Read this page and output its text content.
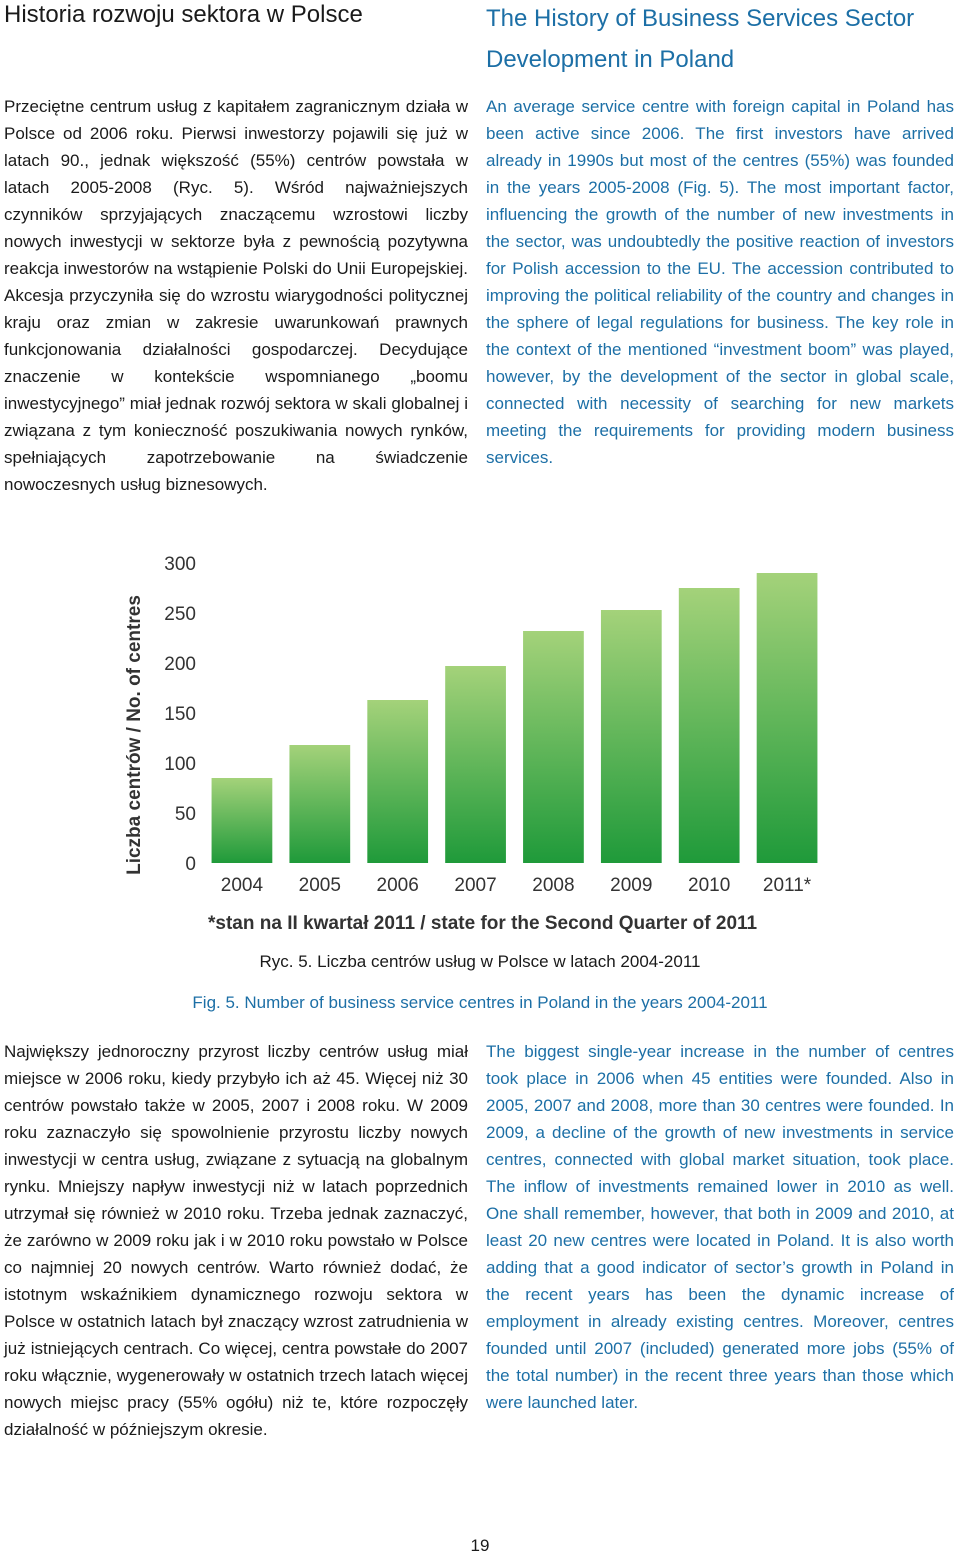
Historia rozwoju sektora w Polsce	The History of Business Services Sector Development in Poland

Przeciętne centrum usług z kapitałem zagranicznym działa w Polsce od 2006 roku. Pierwsi inwestorzy pojawili się już w latach 90., jednak większość (55%) centrów powstała w latach 2005-2008 (Ryc. 5). Wśród najważniejszych czynników sprzyjających znaczącemu wzrostowi liczby nowych inwestycji w sektorze była z pewnością pozytywna reakcja inwestorów na wstąpienie Polski do Unii Europejskiej. Akcesja przyczyniła się do wzrostu wiarygodności politycznej kraju oraz zmian w zakresie uwarunkowań prawnych funkcjonowania działalności gospodarczej. Decydujące znaczenie w kontekście wspomnianego „boomu inwestycyjnego” miał jednak rozwój sektora w skali globalnej i związana z tym konieczność poszukiwania nowych rynków, spełniających zapotrzebowanie na świadczenie nowoczesnych usług biznesowych.

An average service centre with foreign capital in Poland has been active since 2006. The first investors have arrived already in 1990s but most of the centres (55%) was founded in the years 2005-2008 (Fig. 5). The most important factor, influencing the growth of the number of new investments in the sector, was undoubtedly the positive reaction of investors for Polish accession to the EU. The accession contributed to improving the political reliability of the country and changes in the sphere of legal regulations for business. The key role in the context of the mentioned “investment boom” was played, however, by the development of the sector in global scale, connected with necessity of searching for new markets meeting the requirements for providing modern business services.

0
50
100
150
200
250
300
2004 2005 2006 2007 2008 2009 2010 2011*
Liczba centrów / No. of centres
*stan na II kwartał 2011 / state for the Second Quarter of 2011
Ryc. 5. Liczba centrów usług w Polsce w latach 2004-2011
Fig. 5. Number of business service centres in Poland in the years 2004-2011

Największy jednoroczny przyrost liczby centrów usług miał miejsce w 2006 roku, kiedy przybyło ich aż 45. Więcej niż 30 centrów powstało także w 2005, 2007 i 2008 roku. W 2009 roku zaznaczyło się spowolnienie przyrostu liczby nowych inwestycji w centra usług, związane z sytuacją na globalnym rynku. Mniejszy napływ inwestycji niż w latach poprzednich utrzymał się również w 2010 roku. Trzeba jednak zaznaczyć, że zarówno w 2009 roku jak i w 2010 roku powstało w Polsce co najmniej 20 nowych centrów. Warto również dodać, że istotnym wskaźnikiem dynamicznego rozwoju sektora w Polsce w ostatnich latach był znaczący wzrost zatrudnienia w już istniejących centrach. Co więcej, centra powstałe do 2007 roku włącznie, wygenerowały w ostatnich trzech latach więcej nowych miejsc pracy (55% ogółu) niż te, które rozpoczęły działalność w późniejszym okresie.

The biggest single-year increase in the number of centres took place in 2006 when 45 entities were founded. Also in 2005, 2007 and 2008, more than 30 centres were founded. In 2009, a decline of the growth of new investments in service centres, connected with global market situation, took place. The inflow of investments remained lower in 2010 as well. One shall remember, however, that both in 2009 and 2010, at least 20 new centres were located in Poland. It is also worth adding that a good indicator of sector’s growth in Poland in the recent years has been the dynamic increase of employment in already existing centres. Moreover, centres founded until 2007 (included) generated more jobs (55% of the total number) in the recent three years than those which were launched later.

19
